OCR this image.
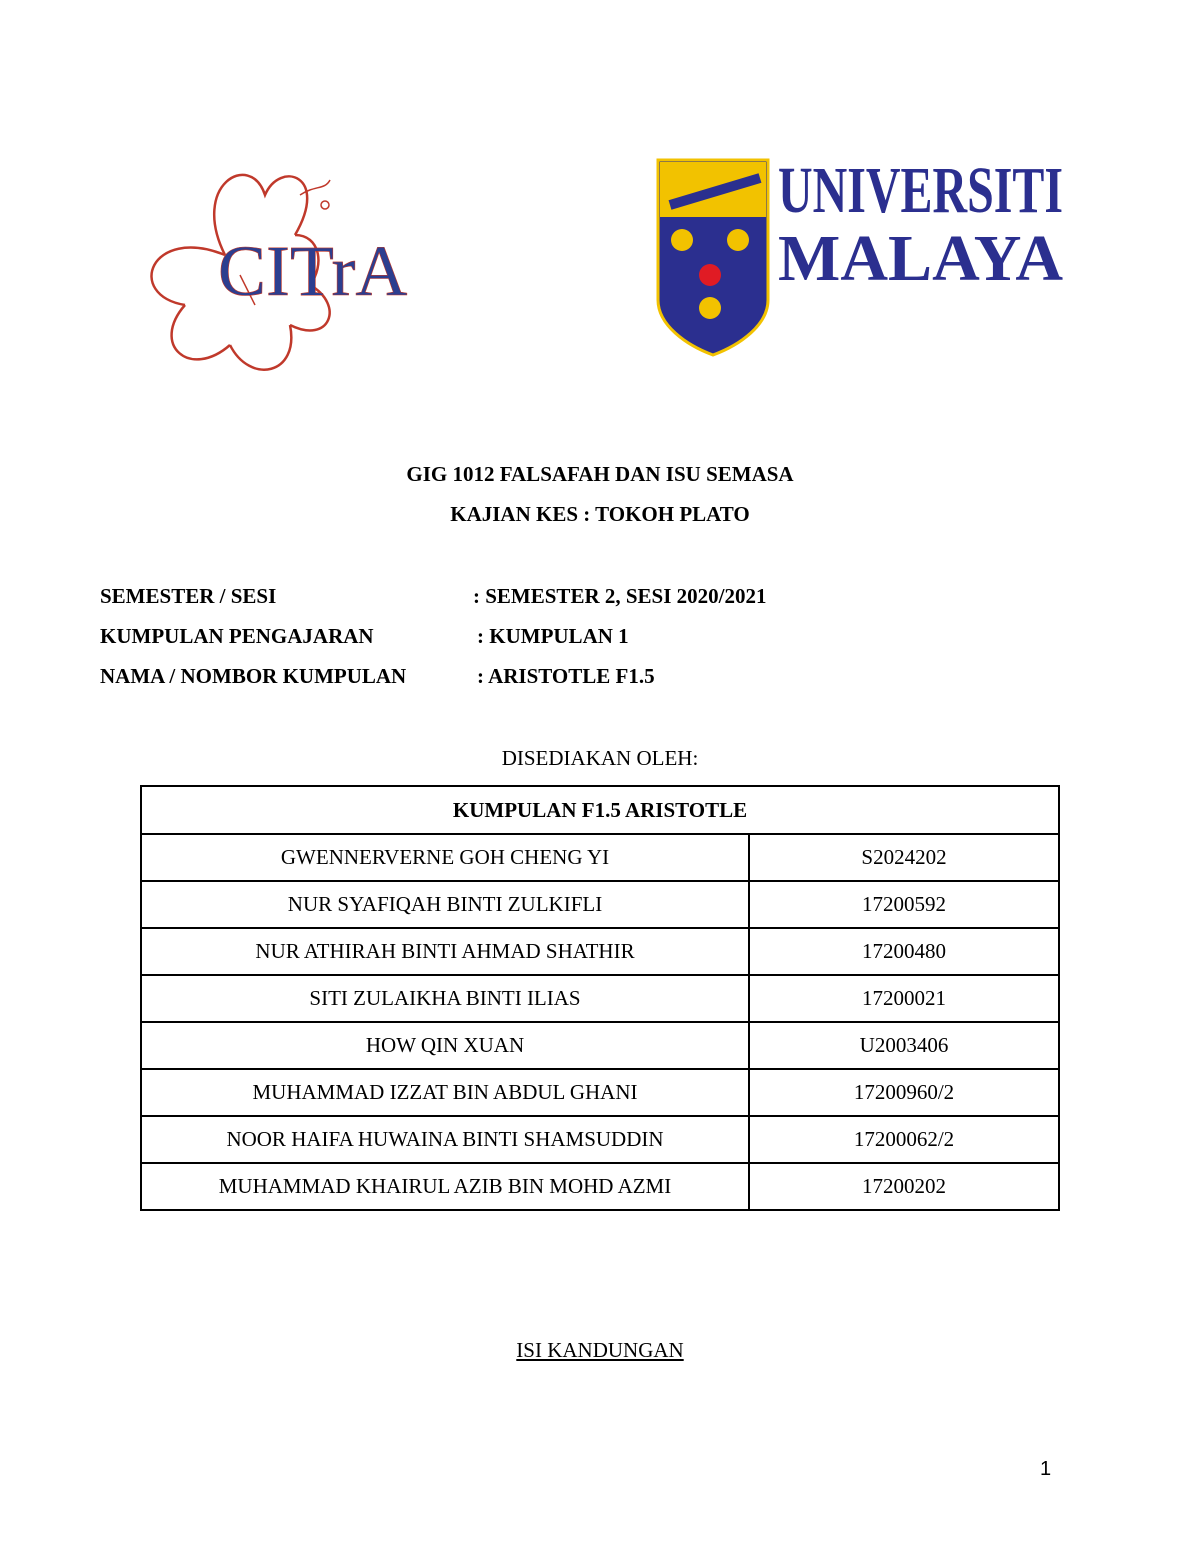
CITrA
UNIVERSITI
MALAYA
GIG 1012 FALSAFAH DAN ISU SEMASA
KAJIAN KES : TOKOH PLATO
SEMESTER / SESI	: SEMESTER 2, SESI 2020/2021
KUMPULAN PENGAJARAN	: KUMPULAN 1
NAMA / NOMBOR KUMPULAN	: ARISTOTLE F1.5
DISEDIAKAN OLEH:
KUMPULAN F1.5 ARISTOTLE	
GWENNERVERNE GOH CHENG YI	S2024202
NUR SYAFIQAH BINTI ZULKIFLI	17200592
NUR ATHIRAH BINTI AHMAD SHATHIR	17200480
SITI ZULAIKHA BINTI ILIAS	17200021
HOW QIN XUAN	U2003406
MUHAMMAD IZZAT BIN ABDUL GHANI	17200960/2
NOOR HAIFA HUWAINA BINTI SHAMSUDDIN	17200062/2
MUHAMMAD KHAIRUL AZIB BIN MOHD AZMI	17200202
ISI KANDUNGAN
1
